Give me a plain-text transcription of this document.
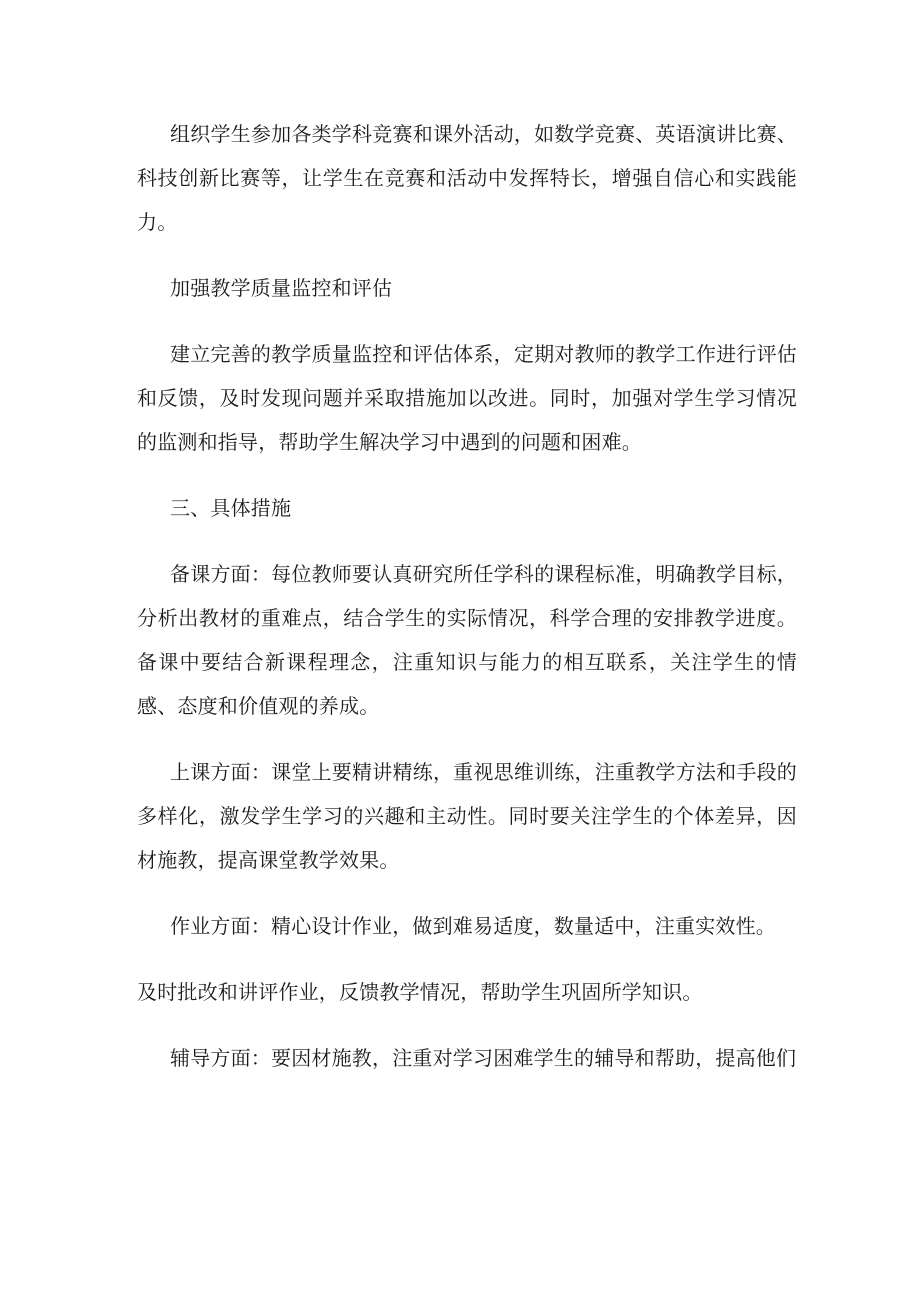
组织学生参加各类学科竞赛和课外活动，如数学竞赛、英语演讲比赛、科技创新比赛等，让学生在竞赛和活动中发挥特长，增强自信心和实践能力。

加强教学质量监控和评估

建立完善的教学质量监控和评估体系，定期对教师的教学工作进行评估和反馈，及时发现问题并采取措施加以改进。同时，加强对学生学习情况的监测和指导，帮助学生解决学习中遇到的问题和困难。

三、具体措施

备课方面：每位教师要认真研究所任学科的课程标准，明确教学目标，分析出教材的重难点，结合学生的实际情况，科学合理的安排教学进度。备课中要结合新课程理念，注重知识与能力的相互联系，关注学生的情感、态度和价值观的养成。

上课方面：课堂上要精讲精练，重视思维训练，注重教学方法和手段的多样化，激发学生学习的兴趣和主动性。同时要关注学生的个体差异，因材施教，提高课堂教学效果。

作业方面：精心设计作业，做到难易适度，数量适中，注重实效性。

及时批改和讲评作业，反馈教学情况，帮助学生巩固所学知识。

辅导方面：要因材施教，注重对学习困难学生的辅导和帮助，提高他们
